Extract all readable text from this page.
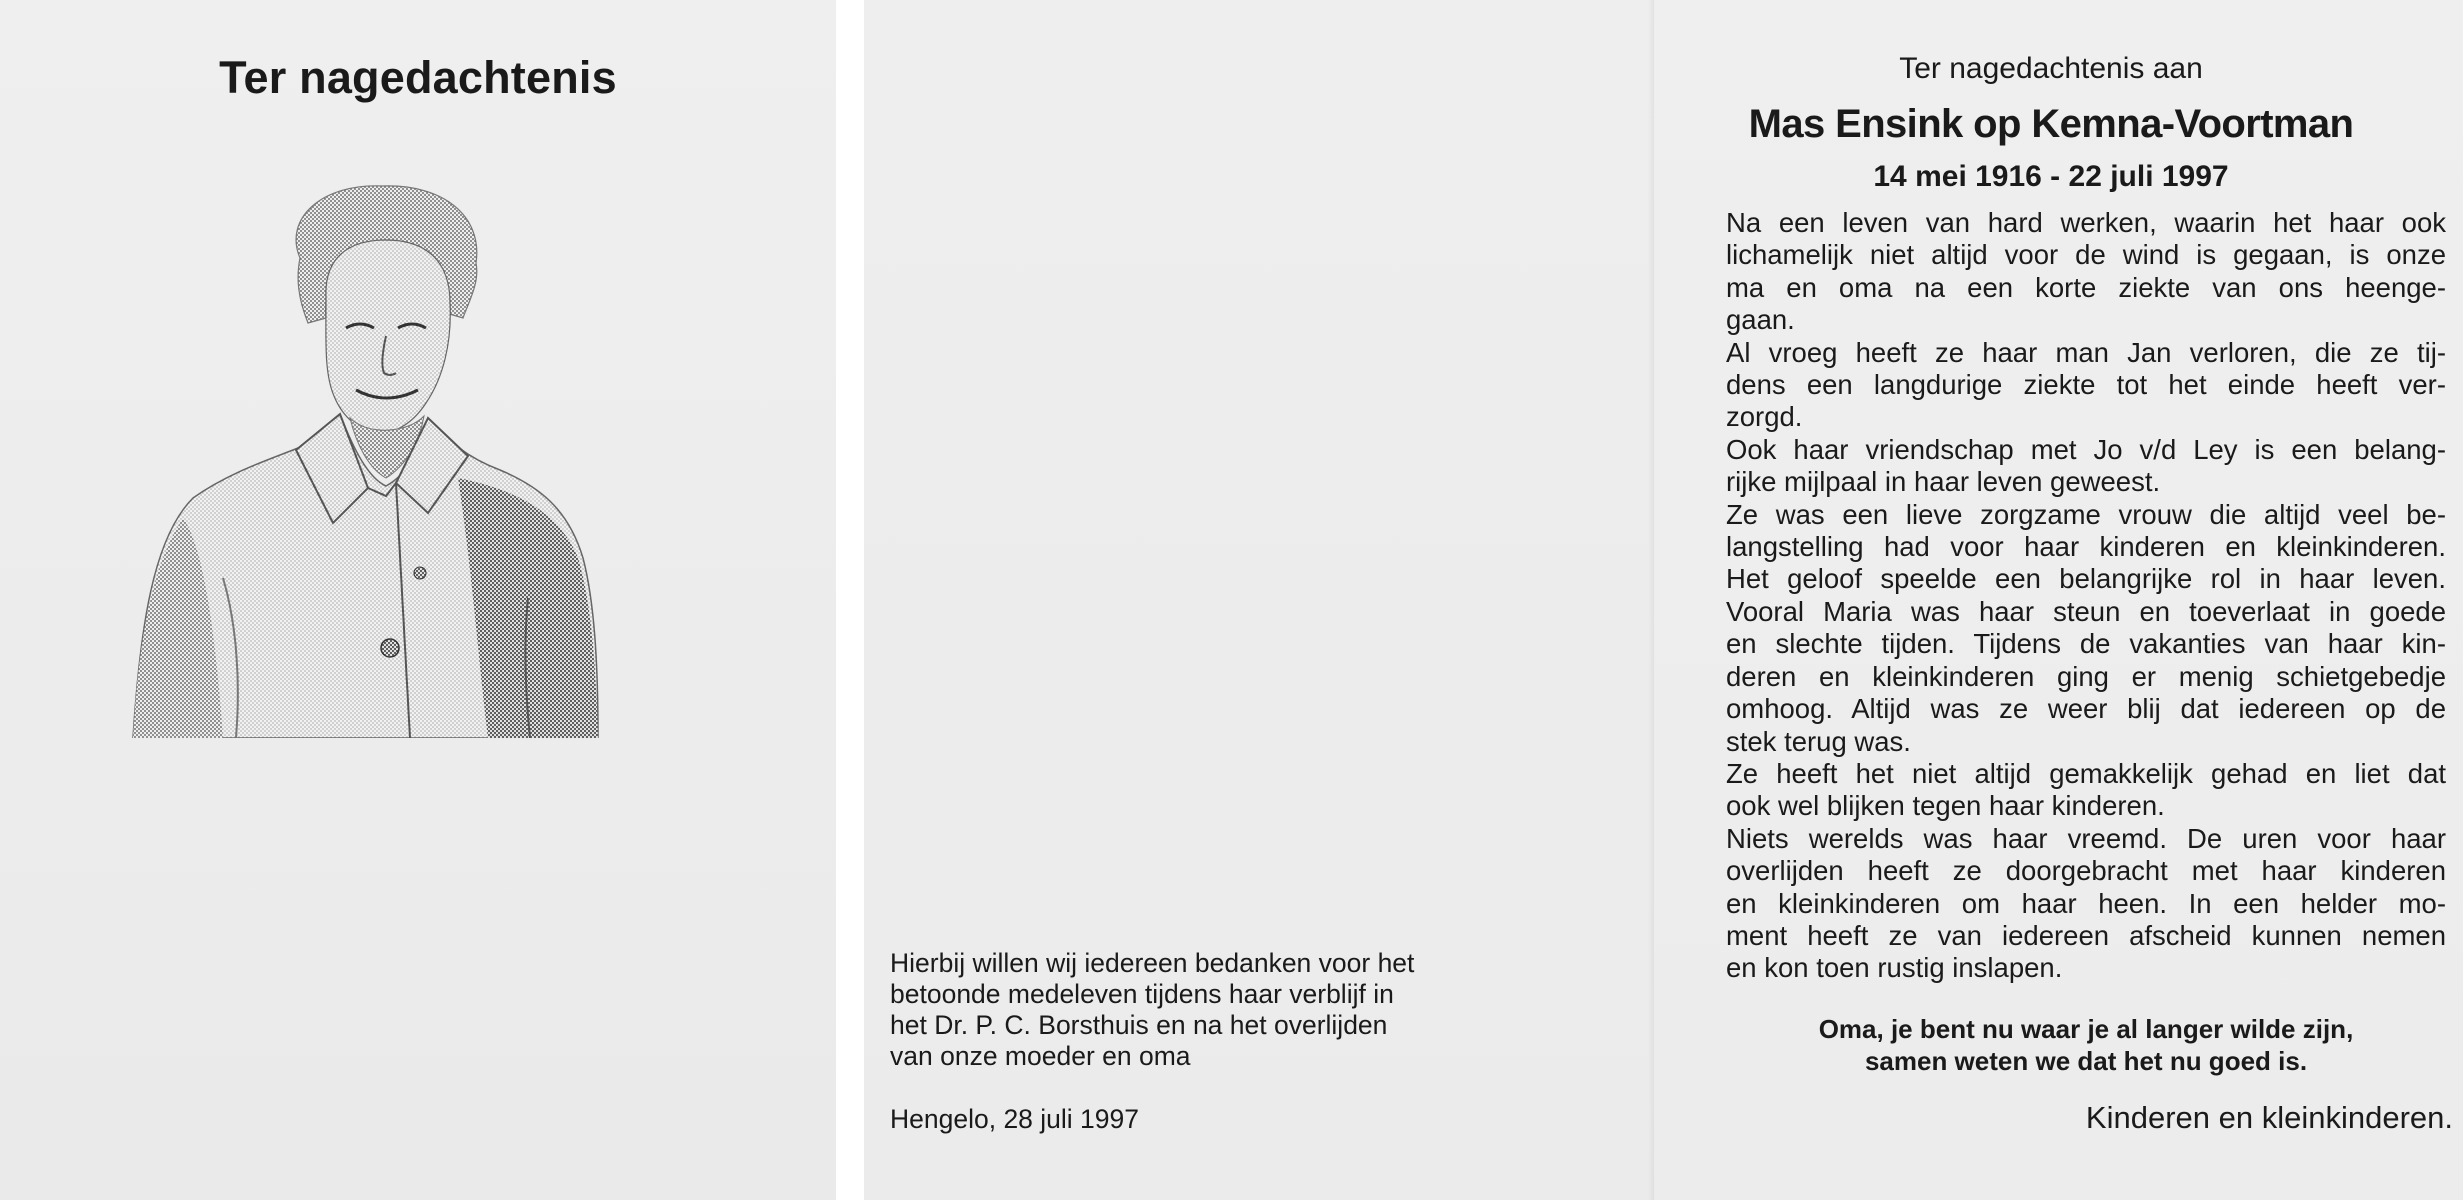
Ter nagedachtenis
Hierbij willen wij iedereen bedanken voor het
betoonde medeleven tijdens haar verblijf in
het Dr. P. C. Borsthuis en na het overlijden
van onze moeder en oma
Hengelo, 28 juli 1997
Ter nagedachtenis aan
Mas Ensink op Kemna-Voortman
14 mei 1916 - 22 juli 1997
Na een leven van hard werken, waarin het haar ook
lichamelijk niet altijd voor de wind is gegaan, is onze
ma en oma na een korte ziekte van ons heenge-
gaan.
Al vroeg heeft ze haar man Jan verloren, die ze tij-
dens een langdurige ziekte tot het einde heeft ver-
zorgd.
Ook haar vriendschap met Jo v/d Ley is een belang-
rijke mijlpaal in haar leven geweest.
Ze was een lieve zorgzame vrouw die altijd veel be-
langstelling had voor haar kinderen en kleinkinderen.
Het geloof speelde een belangrijke rol in haar leven.
Vooral Maria was haar steun en toeverlaat in goede
en slechte tijden. Tijdens de vakanties van haar kin-
deren en kleinkinderen ging er menig schietgebedje
omhoog. Altijd was ze weer blij dat iedereen op de
stek terug was.
Ze heeft het niet altijd gemakkelijk gehad en liet dat
ook wel blijken tegen haar kinderen.
Niets werelds was haar vreemd. De uren voor haar
overlijden heeft ze doorgebracht met haar kinderen
en kleinkinderen om haar heen. In een helder mo-
ment heeft ze van iedereen afscheid kunnen nemen
en kon toen rustig inslapen.
Oma, je bent nu waar je al langer wilde zijn,
samen weten we dat het nu goed is.
Kinderen en kleinkinderen.
